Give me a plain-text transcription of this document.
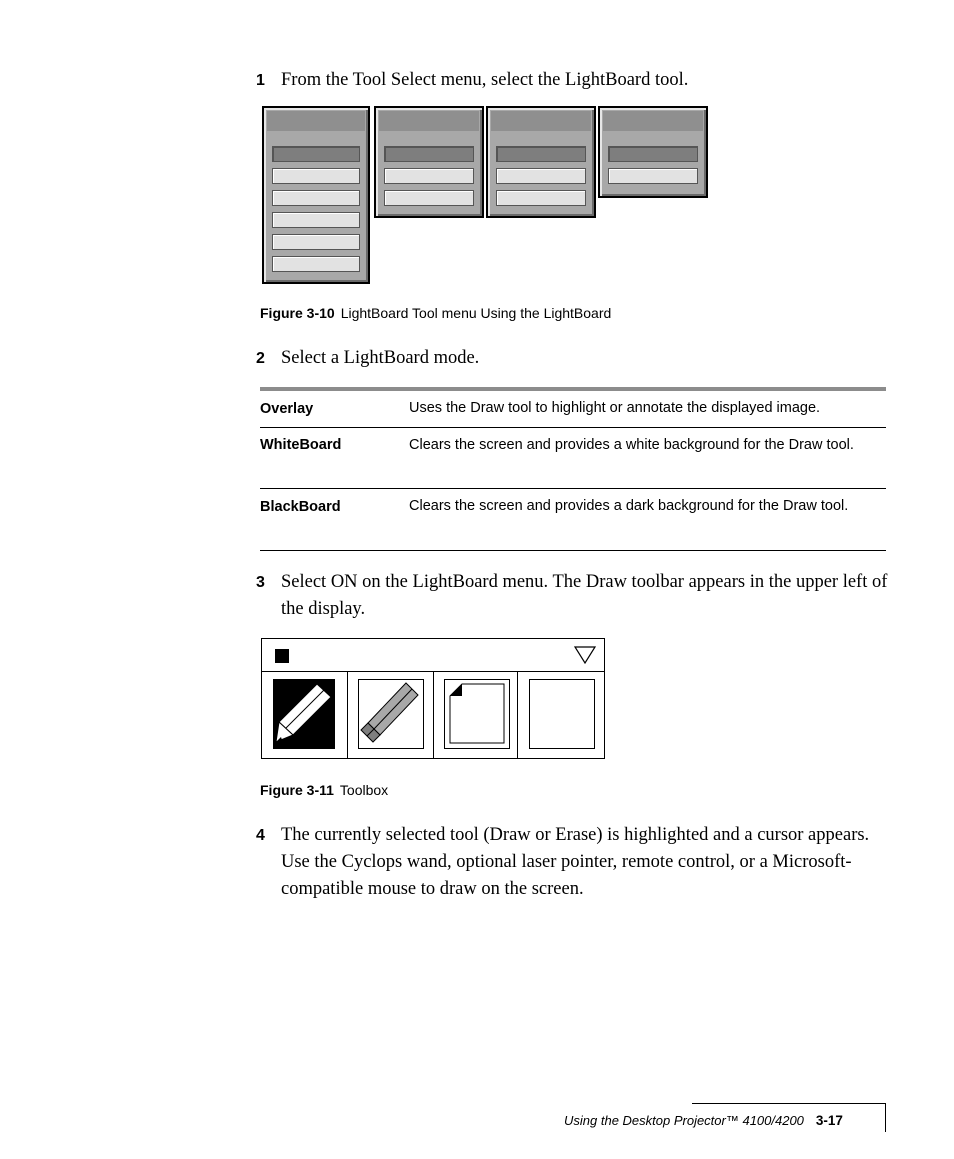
1 From the Tool Select menu, select the LightBoard tool.
Figure 3-10 LightBoard Tool menu Using the LightBoard
2 Select a LightBoard mode.
Overlay	Uses the Draw tool to highlight or annotate the displayed image.
WhiteBoard	Clears the screen and provides a white background for the Draw tool.
BlackBoard	Clears the screen and provides a dark background for the Draw tool.
3 Select ON on the LightBoard menu. The Draw toolbar appears in the upper left of the display.
Figure 3-11 Toolbox
4 The currently selected tool (Draw or Erase) is highlighted and a cursor appears. Use the Cyclops wand, optional laser pointer, remote control, or a Microsoft-compatible mouse to draw on the screen.
Using the Desktop Projector™ 4100/4200 3-17
